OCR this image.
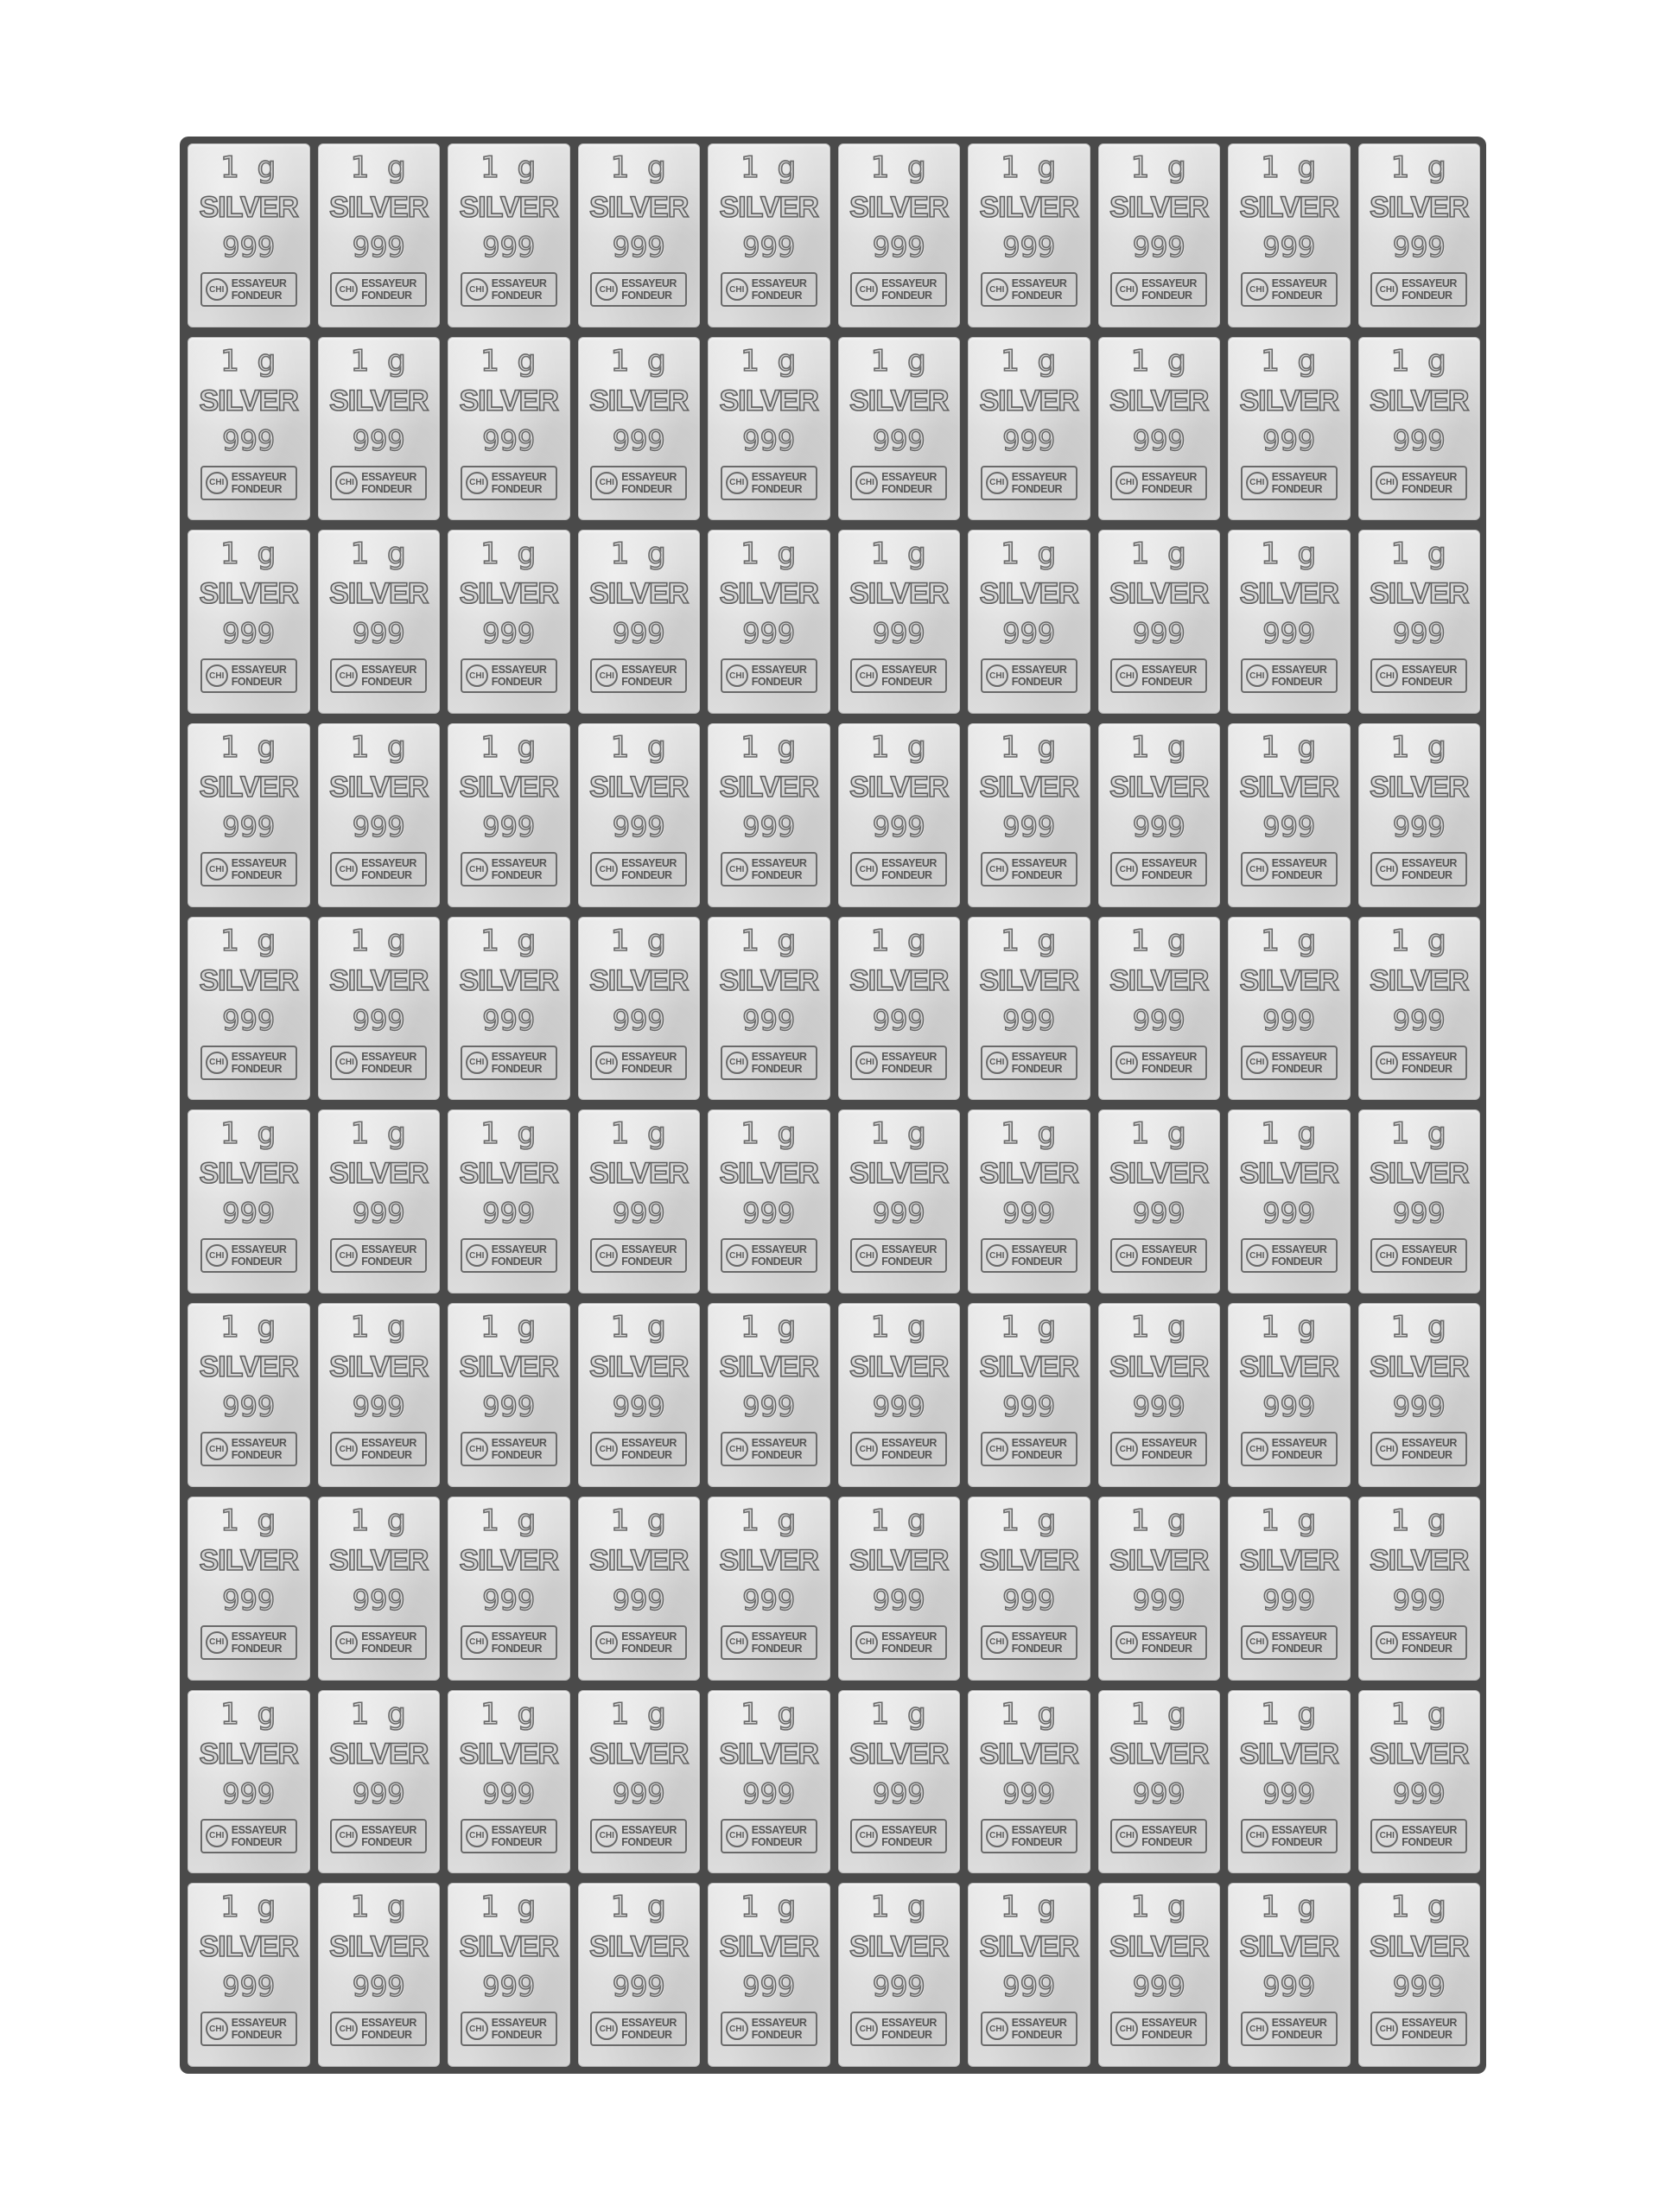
1 g
SILVER
999
CHI ESSAYEUR
FONDEUR
1 g
SILVER
999
CHI ESSAYEUR
FONDEUR
1 g
SILVER
999
CHI ESSAYEUR
FONDEUR
1 g
SILVER
999
CHI ESSAYEUR
FONDEUR
1 g
SILVER
999
CHI ESSAYEUR
FONDEUR
1 g
SILVER
999
CHI ESSAYEUR
FONDEUR
1 g
SILVER
999
CHI ESSAYEUR
FONDEUR
1 g
SILVER
999
CHI ESSAYEUR
FONDEUR
1 g
SILVER
999
CHI ESSAYEUR
FONDEUR
1 g
SILVER
999
CHI ESSAYEUR
FONDEUR
1 g
SILVER
999
CHI ESSAYEUR
FONDEUR
1 g
SILVER
999
CHI ESSAYEUR
FONDEUR
1 g
SILVER
999
CHI ESSAYEUR
FONDEUR
1 g
SILVER
999
CHI ESSAYEUR
FONDEUR
1 g
SILVER
999
CHI ESSAYEUR
FONDEUR
1 g
SILVER
999
CHI ESSAYEUR
FONDEUR
1 g
SILVER
999
CHI ESSAYEUR
FONDEUR
1 g
SILVER
999
CHI ESSAYEUR
FONDEUR
1 g
SILVER
999
CHI ESSAYEUR
FONDEUR
1 g
SILVER
999
CHI ESSAYEUR
FONDEUR
1 g
SILVER
999
CHI ESSAYEUR
FONDEUR
1 g
SILVER
999
CHI ESSAYEUR
FONDEUR
1 g
SILVER
999
CHI ESSAYEUR
FONDEUR
1 g
SILVER
999
CHI ESSAYEUR
FONDEUR
1 g
SILVER
999
CHI ESSAYEUR
FONDEUR
1 g
SILVER
999
CHI ESSAYEUR
FONDEUR
1 g
SILVER
999
CHI ESSAYEUR
FONDEUR
1 g
SILVER
999
CHI ESSAYEUR
FONDEUR
1 g
SILVER
999
CHI ESSAYEUR
FONDEUR
1 g
SILVER
999
CHI ESSAYEUR
FONDEUR
1 g
SILVER
999
CHI ESSAYEUR
FONDEUR
1 g
SILVER
999
CHI ESSAYEUR
FONDEUR
1 g
SILVER
999
CHI ESSAYEUR
FONDEUR
1 g
SILVER
999
CHI ESSAYEUR
FONDEUR
1 g
SILVER
999
CHI ESSAYEUR
FONDEUR
1 g
SILVER
999
CHI ESSAYEUR
FONDEUR
1 g
SILVER
999
CHI ESSAYEUR
FONDEUR
1 g
SILVER
999
CHI ESSAYEUR
FONDEUR
1 g
SILVER
999
CHI ESSAYEUR
FONDEUR
1 g
SILVER
999
CHI ESSAYEUR
FONDEUR
1 g
SILVER
999
CHI ESSAYEUR
FONDEUR
1 g
SILVER
999
CHI ESSAYEUR
FONDEUR
1 g
SILVER
999
CHI ESSAYEUR
FONDEUR
1 g
SILVER
999
CHI ESSAYEUR
FONDEUR
1 g
SILVER
999
CHI ESSAYEUR
FONDEUR
1 g
SILVER
999
CHI ESSAYEUR
FONDEUR
1 g
SILVER
999
CHI ESSAYEUR
FONDEUR
1 g
SILVER
999
CHI ESSAYEUR
FONDEUR
1 g
SILVER
999
CHI ESSAYEUR
FONDEUR
1 g
SILVER
999
CHI ESSAYEUR
FONDEUR
1 g
SILVER
999
CHI ESSAYEUR
FONDEUR
1 g
SILVER
999
CHI ESSAYEUR
FONDEUR
1 g
SILVER
999
CHI ESSAYEUR
FONDEUR
1 g
SILVER
999
CHI ESSAYEUR
FONDEUR
1 g
SILVER
999
CHI ESSAYEUR
FONDEUR
1 g
SILVER
999
CHI ESSAYEUR
FONDEUR
1 g
SILVER
999
CHI ESSAYEUR
FONDEUR
1 g
SILVER
999
CHI ESSAYEUR
FONDEUR
1 g
SILVER
999
CHI ESSAYEUR
FONDEUR
1 g
SILVER
999
CHI ESSAYEUR
FONDEUR
1 g
SILVER
999
CHI ESSAYEUR
FONDEUR
1 g
SILVER
999
CHI ESSAYEUR
FONDEUR
1 g
SILVER
999
CHI ESSAYEUR
FONDEUR
1 g
SILVER
999
CHI ESSAYEUR
FONDEUR
1 g
SILVER
999
CHI ESSAYEUR
FONDEUR
1 g
SILVER
999
CHI ESSAYEUR
FONDEUR
1 g
SILVER
999
CHI ESSAYEUR
FONDEUR
1 g
SILVER
999
CHI ESSAYEUR
FONDEUR
1 g
SILVER
999
CHI ESSAYEUR
FONDEUR
1 g
SILVER
999
CHI ESSAYEUR
FONDEUR
1 g
SILVER
999
CHI ESSAYEUR
FONDEUR
1 g
SILVER
999
CHI ESSAYEUR
FONDEUR
1 g
SILVER
999
CHI ESSAYEUR
FONDEUR
1 g
SILVER
999
CHI ESSAYEUR
FONDEUR
1 g
SILVER
999
CHI ESSAYEUR
FONDEUR
1 g
SILVER
999
CHI ESSAYEUR
FONDEUR
1 g
SILVER
999
CHI ESSAYEUR
FONDEUR
1 g
SILVER
999
CHI ESSAYEUR
FONDEUR
1 g
SILVER
999
CHI ESSAYEUR
FONDEUR
1 g
SILVER
999
CHI ESSAYEUR
FONDEUR
1 g
SILVER
999
CHI ESSAYEUR
FONDEUR
1 g
SILVER
999
CHI ESSAYEUR
FONDEUR
1 g
SILVER
999
CHI ESSAYEUR
FONDEUR
1 g
SILVER
999
CHI ESSAYEUR
FONDEUR
1 g
SILVER
999
CHI ESSAYEUR
FONDEUR
1 g
SILVER
999
CHI ESSAYEUR
FONDEUR
1 g
SILVER
999
CHI ESSAYEUR
FONDEUR
1 g
SILVER
999
CHI ESSAYEUR
FONDEUR
1 g
SILVER
999
CHI ESSAYEUR
FONDEUR
1 g
SILVER
999
CHI ESSAYEUR
FONDEUR
1 g
SILVER
999
CHI ESSAYEUR
FONDEUR
1 g
SILVER
999
CHI ESSAYEUR
FONDEUR
1 g
SILVER
999
CHI ESSAYEUR
FONDEUR
1 g
SILVER
999
CHI ESSAYEUR
FONDEUR
1 g
SILVER
999
CHI ESSAYEUR
FONDEUR
1 g
SILVER
999
CHI ESSAYEUR
FONDEUR
1 g
SILVER
999
CHI ESSAYEUR
FONDEUR
1 g
SILVER
999
CHI ESSAYEUR
FONDEUR
1 g
SILVER
999
CHI ESSAYEUR
FONDEUR
1 g
SILVER
999
CHI ESSAYEUR
FONDEUR
